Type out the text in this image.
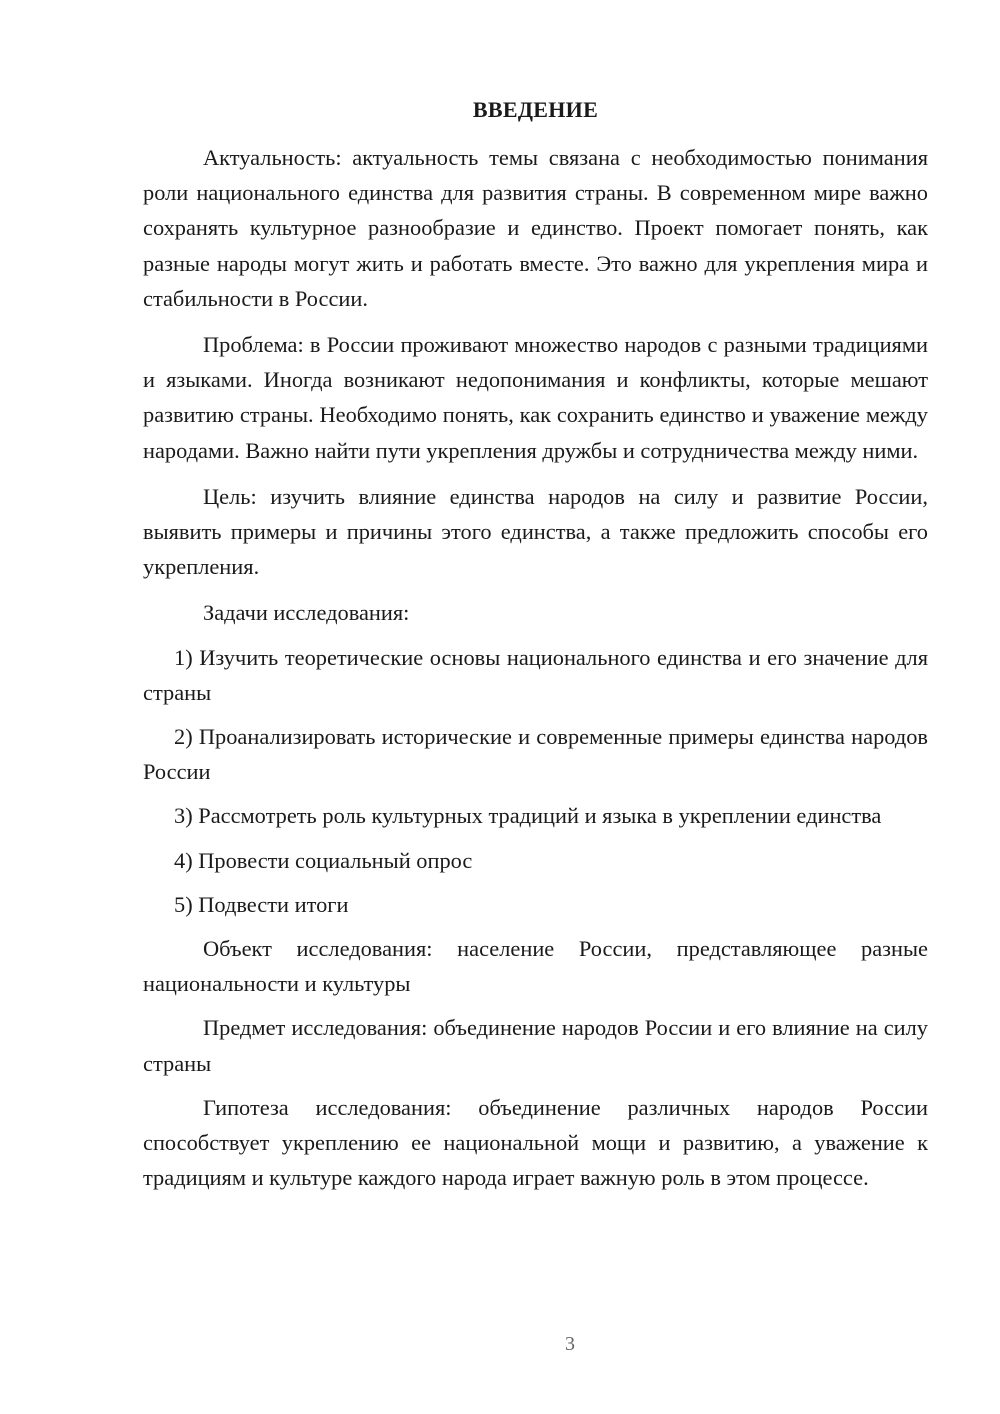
ВВЕДЕНИЕ

Актуальность: актуальность темы связана с необходимостью понимания роли национального единства для развития страны. В современном мире важно сохранять культурное разнообразие и единство. Проект помогает понять, как разные народы могут жить и работать вместе. Это важно для укрепления мира и стабильности в России.

Проблема: в России проживают множество народов с разными традициями и языками. Иногда возникают недопонимания и конфликты, которые мешают развитию страны. Необходимо понять, как сохранить единство и уважение между народами. Важно найти пути укрепления дружбы и сотрудничества между ними.

Цель: изучить влияние единства народов на силу и развитие России, выявить примеры и причины этого единства, а также предложить способы его укрепления.

Задачи исследования:

1) Изучить теоретические основы национального единства и его значение для страны

2) Проанализировать исторические и современные примеры единства народов России

3) Рассмотреть роль культурных традиций и языка в укреплении единства

4) Провести социальный опрос

5) Подвести итоги

Объект исследования: население России, представляющее разные национальности и культуры

Предмет исследования: объединение народов России и его влияние на силу страны

Гипотеза исследования: объединение различных народов России способствует укреплению ее национальной мощи и развитию, а уважение к традициям и культуре каждого народа играет важную роль в этом процессе.

3
